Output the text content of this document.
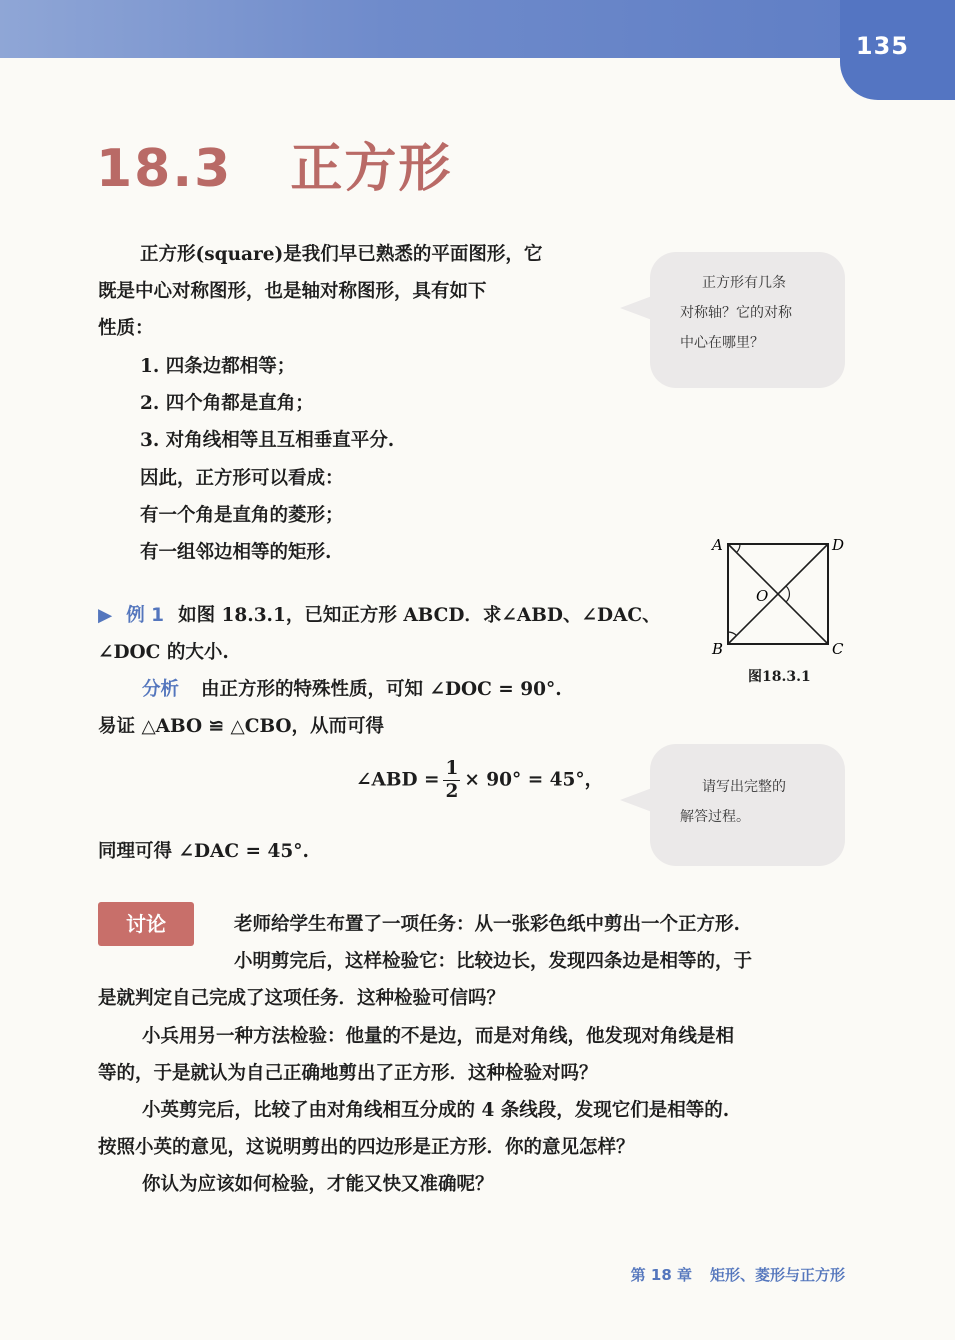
135
18.3 正方形
正方形(square)是我们早已熟悉的平面图形，它
既是中心对称图形，也是轴对称图形，具有如下
性质：
1. 四条边都相等；
2. 四个角都是直角；
3. 对角线相等且互相垂直平分.
因此，正方形可以看成：
有一个角是直角的菱形；
有一组邻边相等的矩形.
正方形有几条
对称轴？它的对称
中心在哪里？
A	D
B	C
O
图18.3.1
▶ 例 1 如图 18.3.1，已知正方形 ABCD．求∠ABD、∠DAC、
∠DOC 的大小.
分析 由正方形的特殊性质，可知 ∠DOC = 90°.
易证 △ABO ≌ △CBO，从而可得
∠ABD = $\frac{1}{2} \times 90^\circ = 45^\circ$，
同理可得 ∠DAC = 45°.
请写出完整的
解答过程。
讨论	老师给学生布置了一项任务：从一张彩色纸中剪出一个正方形.
小明剪完后，这样检验它：比较边长，发现四条边是相等的，于
是就判定自己完成了这项任务．这种检验可信吗？
小兵用另一种方法检验：他量的不是边，而是对角线，他发现对角线是相
等的，于是就认为自己正确地剪出了正方形．这种检验对吗？
小英剪完后，比较了由对角线相互分成的 4 条线段，发现它们是相等的.
按照小英的意见，这说明剪出的四边形是正方形．你的意见怎样？
你认为应该如何检验，才能又快又准确呢？
第 18 章 矩形、菱形与正方形
